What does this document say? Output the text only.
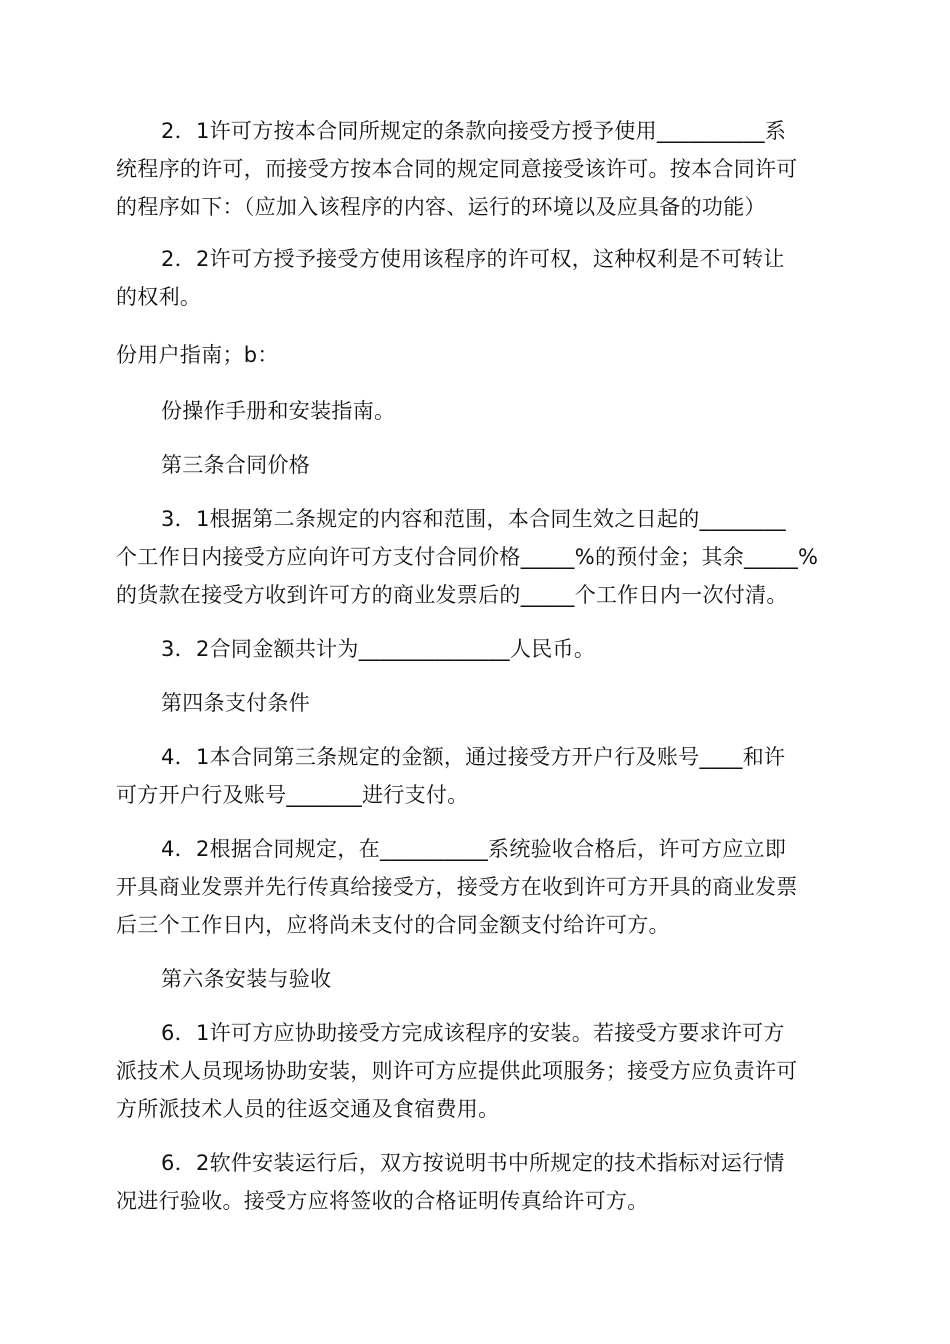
2．1许可方按本合同所规定的条款向接受方授予使用__________系
统程序的许可，而接受方按本合同的规定同意接受该许可。按本合同许可
的程序如下：（应加入该程序的内容、运行的环境以及应具备的功能）
2．2许可方授予接受方使用该程序的许可权，这种权利是不可转让
的权利。
份用户指南；b：
份操作手册和安装指南。
第三条合同价格
3．1根据第二条规定的内容和范围，本合同生效之日起的________
个工作日内接受方应向许可方支付合同价格_____%的预付金；其余_____%
的货款在接受方收到许可方的商业发票后的_____个工作日内一次付清。
3．2合同金额共计为______________人民币。
第四条支付条件
4．1本合同第三条规定的金额，通过接受方开户行及账号____和许
可方开户行及账号_______进行支付。
4．2根据合同规定，在__________系统验收合格后，许可方应立即
开具商业发票并先行传真给接受方，接受方在收到许可方开具的商业发票
后三个工作日内，应将尚未支付的合同金额支付给许可方。
第六条安装与验收
6．1许可方应协助接受方完成该程序的安装。若接受方要求许可方
派技术人员现场协助安装，则许可方应提供此项服务；接受方应负责许可
方所派技术人员的往返交通及食宿费用。
6．2软件安装运行后，双方按说明书中所规定的技术指标对运行情
况进行验收。接受方应将签收的合格证明传真给许可方。
